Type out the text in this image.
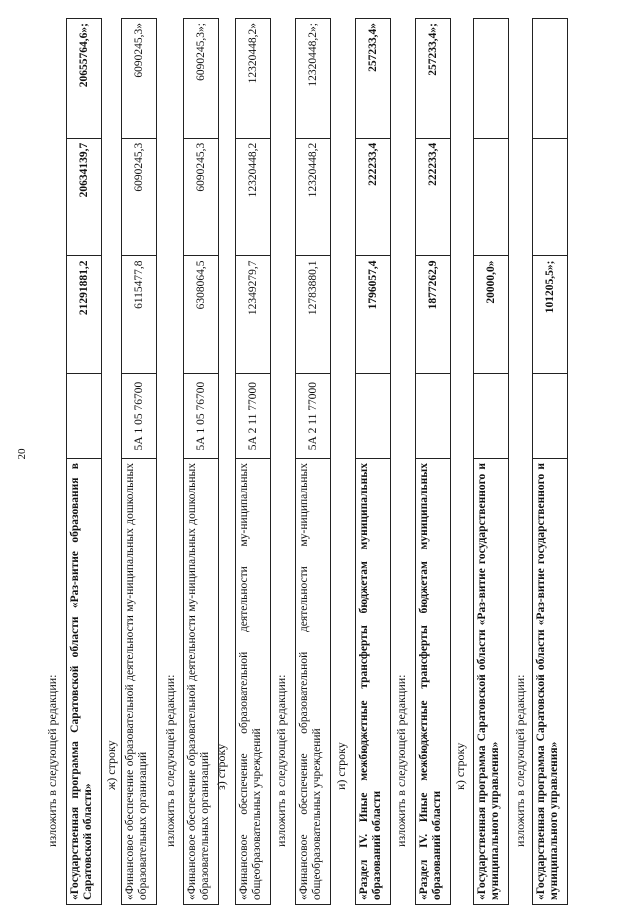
20
изложить в следующей редакции: «Государственная программа Саратовской области «Раз-витие образования в Саратовской области»
21291881,2
20634139,7
20655764,6»;
ж) строку «Финансовое обеспечение образовательной деятельности му-ниципальных дошкольных образовательных организаций
5А 1 05 76700
6115477,8
6090245,3
6090245,3»
изложить в следующей редакции: «Финансовое обеспечение образовательной деятельности му-ниципальных дошкольных образовательных организаций
5А 1 05 76700
6308064,5
6090245,3
6090245,3»;
з) строку «Финансовое обеспечение образовательной деятельности му-ниципальных общеобразовательных учреждений
5А 2 11 77000
12349279,7
12320448,2
12320448,2»
изложить в следующей редакции: «Финансовое обеспечение образовательной деятельности му-ниципальных общеобразовательных учреждений
5А 2 11 77000
12783880,1
12320448,2
12320448,2»;
и) строку «Раздел IV. Иные межбюджетные трансферты бюджетам муниципальных образований области
1796057,4
222233,4
257233,4»
изложить в следующей редакции: «Раздел IV. Иные межбюджетные трансферты бюджетам муниципальных образований области
1877262,9
222233,4
257233,4»;
к) строку «Государственная программа Саратовской области «Раз-витие государственного и муниципального управления»
20000,0»
изложить в следующей редакции: «Государственная программа Саратовской области «Раз-витие государственного и муниципального управления»
101205,5»;
